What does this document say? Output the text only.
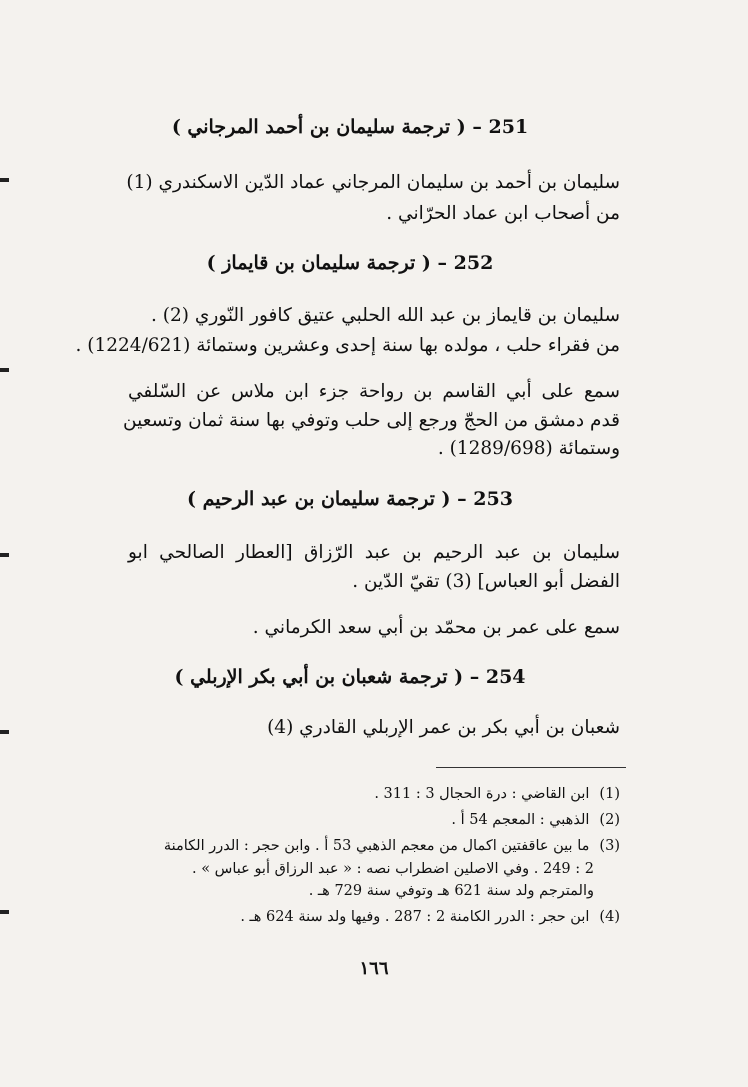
251 – ( ترجمة سليمان بن أحمد المرجاني )
سليمان بن أحمد بن سليمان المرجاني عماد الدّين الاسكندري (1)
من أصحاب ابن عماد الحرّاني .
252 – ( ترجمة سليمان بن قايماز )
سليمان بن قايماز بن عبد الله الحلبي عتيق كافور النّوري (2) .
من فقراء حلب ، مولده بها سنة إحدى وعشرين وستمائة (1224/621) .
سمع على أبي القاسم بن رواحة جزء ابن ملاس عن السّلفي
قدم دمشق من الحجّ ورجع إلى حلب وتوفي بها سنة ثمان وتسعين
وستمائة (1289/698) .
253 – ( ترجمة سليمان بن عبد الرحيم )
سليمان بن عبد الرحيم بن عبد الرّزاق [العطار الصالحي ابو
الفضل أبو العباس] (3) تقيّ الدّين .
سمع على عمر بن محمّد بن أبي سعد الكرماني .
254 – ( ترجمة شعبان بن أبي بكر الإربلي )
شعبان بن أبي بكر بن عمر الإربلي القادري (4)
(1) ابن القاضي : درة الحجال 3 : 311 .
(2) الذهبي : المعجم 54 أ .
(3) ما بين عاقفتين اكمال من معجم الذهبي 53 أ . وابن حجر : الدرر الكامنة
2 : 249 . وفي الاصلين اضطراب نصه : « عبد الرزاق أبو عباس » .
والمترجم ولد سنة 621 هـ وتوفي سنة 729 هـ .
(4) ابن حجر : الدرر الكامنة 2 : 287 . وفيها ولد سنة 624 هـ .
١٦٦
